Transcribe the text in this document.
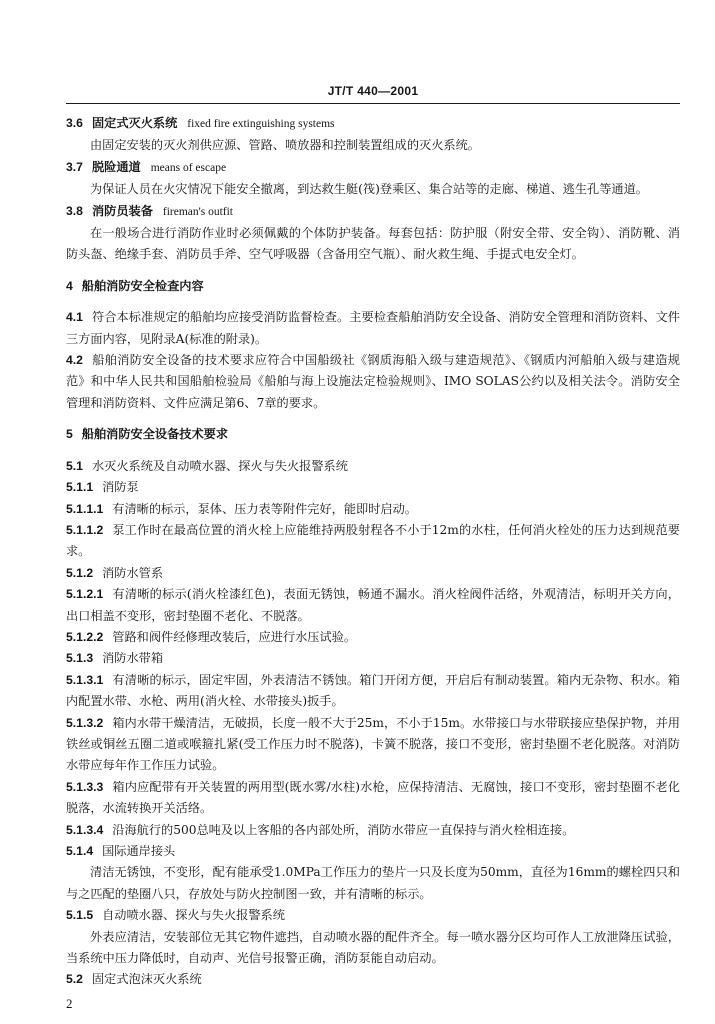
JT/T 440—2001

3.6 固定式灭火系统 fixed fire extinguishing systems

由固定安装的灭火剂供应源、管路、喷放器和控制装置组成的灭火系统。

3.7 脱险通道 means of escape

为保证人员在火灾情况下能安全撤离，到达救生艇(筏)登乘区、集合站等的走廊、梯道、逃生孔等通道。

3.8 消防员装备 fireman's outfit

在一般场合进行消防作业时必须佩戴的个体防护装备。每套包括：防护服（附安全带、安全钩）、消防靴、消防头盔、绝缘手套、消防员手斧、空气呼吸器（含备用空气瓶）、耐火救生绳、手提式电安全灯。

4 船舶消防安全检查内容

4.1 符合本标准规定的船舶均应接受消防监督检查。主要检查船舶消防安全设备、消防安全管理和消防资料、文件三方面内容，见附录A(标准的附录)。

4.2 船舶消防安全设备的技术要求应符合中国船级社《钢质海船入级与建造规范》、《钢质内河船舶入级与建造规范》和中华人民共和国船舶检验局《船舶与海上设施法定检验规则》、IMO SOLAS公约以及相关法令。消防安全管理和消防资料、文件应满足第6、7章的要求。

5 船舶消防安全设备技术要求

5.1 水灭火系统及自动喷水器、探火与失火报警系统

5.1.1 消防泵

5.1.1.1 有清晰的标示，泵体、压力表等附件完好，能即时启动。

5.1.1.2 泵工作时在最高位置的消火栓上应能维持两股射程各不小于12m的水柱，任何消火栓处的压力达到规范要求。

5.1.2 消防水管系

5.1.2.1 有清晰的标示(消火栓漆红色)，表面无锈蚀，畅通不漏水。消火栓阀件活络，外观清洁，标明开关方向，出口相盖不变形，密封垫圈不老化、不脱落。

5.1.2.2 管路和阀件经修理改装后，应进行水压试验。

5.1.3 消防水带箱

5.1.3.1 有清晰的标示，固定牢固，外表清洁不锈蚀。箱门开闭方便，开启后有制动装置。箱内无杂物、积水。箱内配置水带、水枪、两用(消火栓、水带接头)扳手。

5.1.3.2 箱内水带干燥清洁，无破损，长度一般不大于25m，不小于15m。水带接口与水带联接应垫保护物，并用铁丝或铜丝五圈二道或喉箍扎紧(受工作压力时不脱落)，卡簧不脱落，接口不变形，密封垫圈不老化脱落。对消防水带应每年作工作压力试验。

5.1.3.3 箱内应配带有开关装置的两用型(既水雾/水柱)水枪，应保持清洁、无腐蚀，接口不变形，密封垫圈不老化脱落，水流转换开关活络。

5.1.3.4 沿海航行的500总吨及以上客船的各内部处所，消防水带应一直保持与消火栓相连接。

5.1.4 国际通岸接头

清洁无锈蚀，不变形，配有能承受1.0MPa工作压力的垫片一只及长度为50mm，直径为16mm的螺栓四只和与之匹配的垫圈八只，存放处与防火控制图一致，并有清晰的标示。

5.1.5 自动喷水器、探火与失火报警系统

外表应清洁，安装部位无其它物件遮挡，自动喷水器的配件齐全。每一喷水器分区均可作人工放泄降压试验，当系统中压力降低时，自动声、光信号报警正确，消防泵能自动启动。

5.2 固定式泡沫灭火系统

2
